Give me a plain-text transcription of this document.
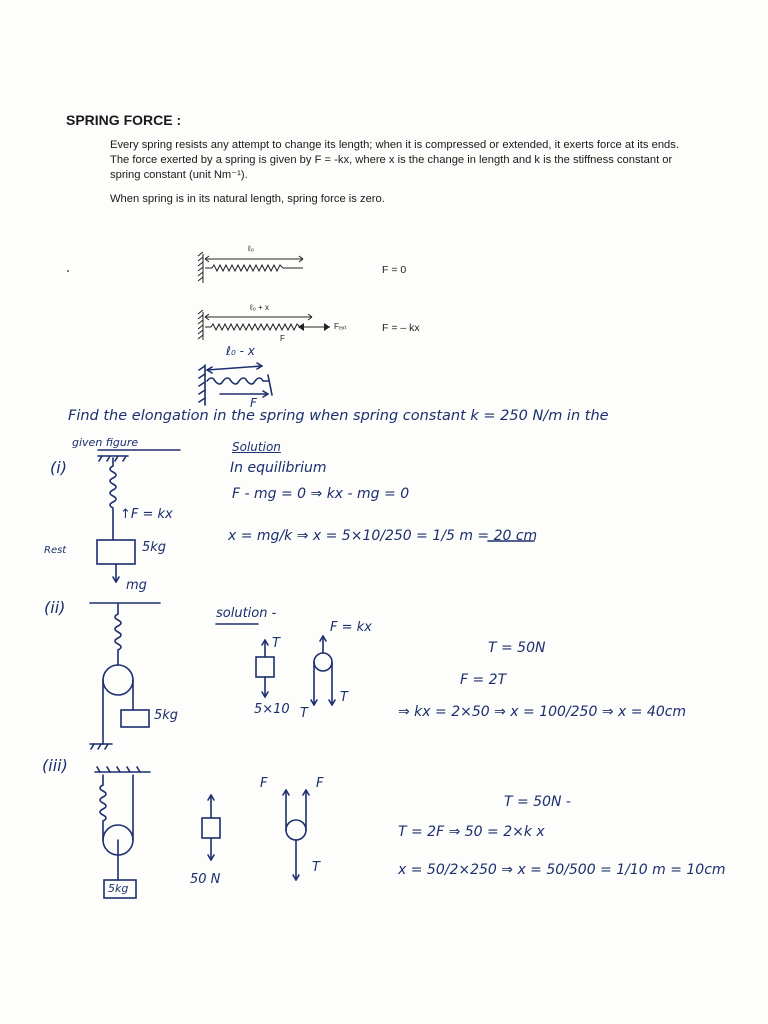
SPRING FORCE :
Every spring resists any attempt to change its length; when it is compressed or extended, it exerts force at its ends. The force exerted by a spring is given by F = -kx, where x is the change in length and k is the stiffness constant or spring constant (unit Nm⁻¹).
When spring is in its natural length, spring force is zero.
ℓ₀
F = 0
ℓ₀ + x
Fₑₓₜ
F
F = – kx
ℓ₀ - x
F
Find the elongation in the spring when spring constant k = 250 N/m in the
given figure
(i)
Solution
In equilibrium
F - mg = 0 ⇒ kx - mg = 0
x = mg/k ⇒ x = 5×10/250 = 1/5 m = 20 cm
↑F = kx
5kg
Rest
mg
(ii)	solution -
F = kx
T
T
T
5×10
5kg
T = 50N
F = 2T
⇒ kx = 2×50 ⇒ x = 100/250 ⇒ x = 40cm
(iii)
F	F
T
50 N
5kg
T = 50N -
T = 2F ⇒ 50 = 2×k x
x = 50/2×250 ⇒ x = 50/500 = 1/10 m = 10cm
